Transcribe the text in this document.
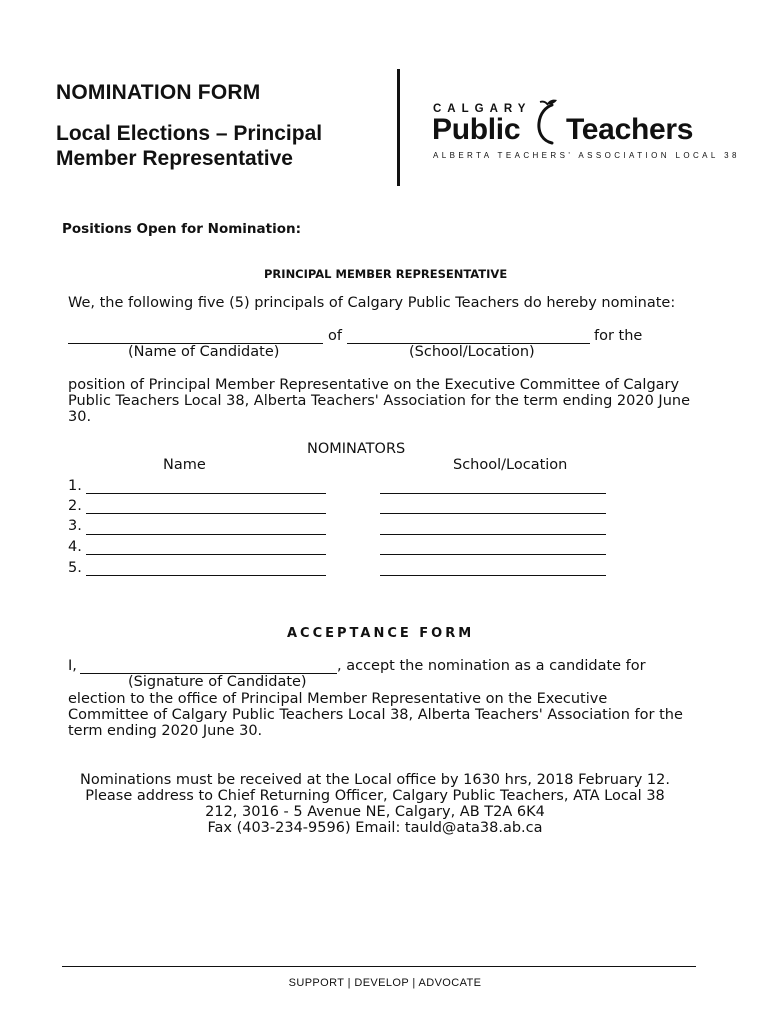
NOMINATION FORM
Local Elections – Principal Member Representative
CALGARY
Public Teachers
ALBERTA TEACHERS' ASSOCIATION LOCAL 38
Positions Open for Nomination:
PRINCIPAL MEMBER REPRESENTATIVE
We, the following five (5) principals of Calgary Public Teachers do hereby nominate:
of	for the
(Name of Candidate)	(School/Location)
position of Principal Member Representative on the Executive Committee of Calgary Public Teachers Local 38, Alberta Teachers' Association for the term ending 2020 June 30.
NOMINATORS
Name	School/Location
1.
2.
3.
4.
5.
ACCEPTANCE FORM
I,	, accept the nomination as a candidate for
(Signature of Candidate)
election to the office of Principal Member Representative on the Executive Committee of Calgary Public Teachers Local 38, Alberta Teachers' Association for the term ending 2020 June 30.
Nominations must be received at the Local office by 1630 hrs, 2018 February 12.
Please address to Chief Returning Officer, Calgary Public Teachers, ATA Local 38
212, 3016 - 5 Avenue NE, Calgary, AB T2A 6K4
Fax (403-234-9596) Email: tauld@ata38.ab.ca
SUPPORT | DEVELOP | ADVOCATE
